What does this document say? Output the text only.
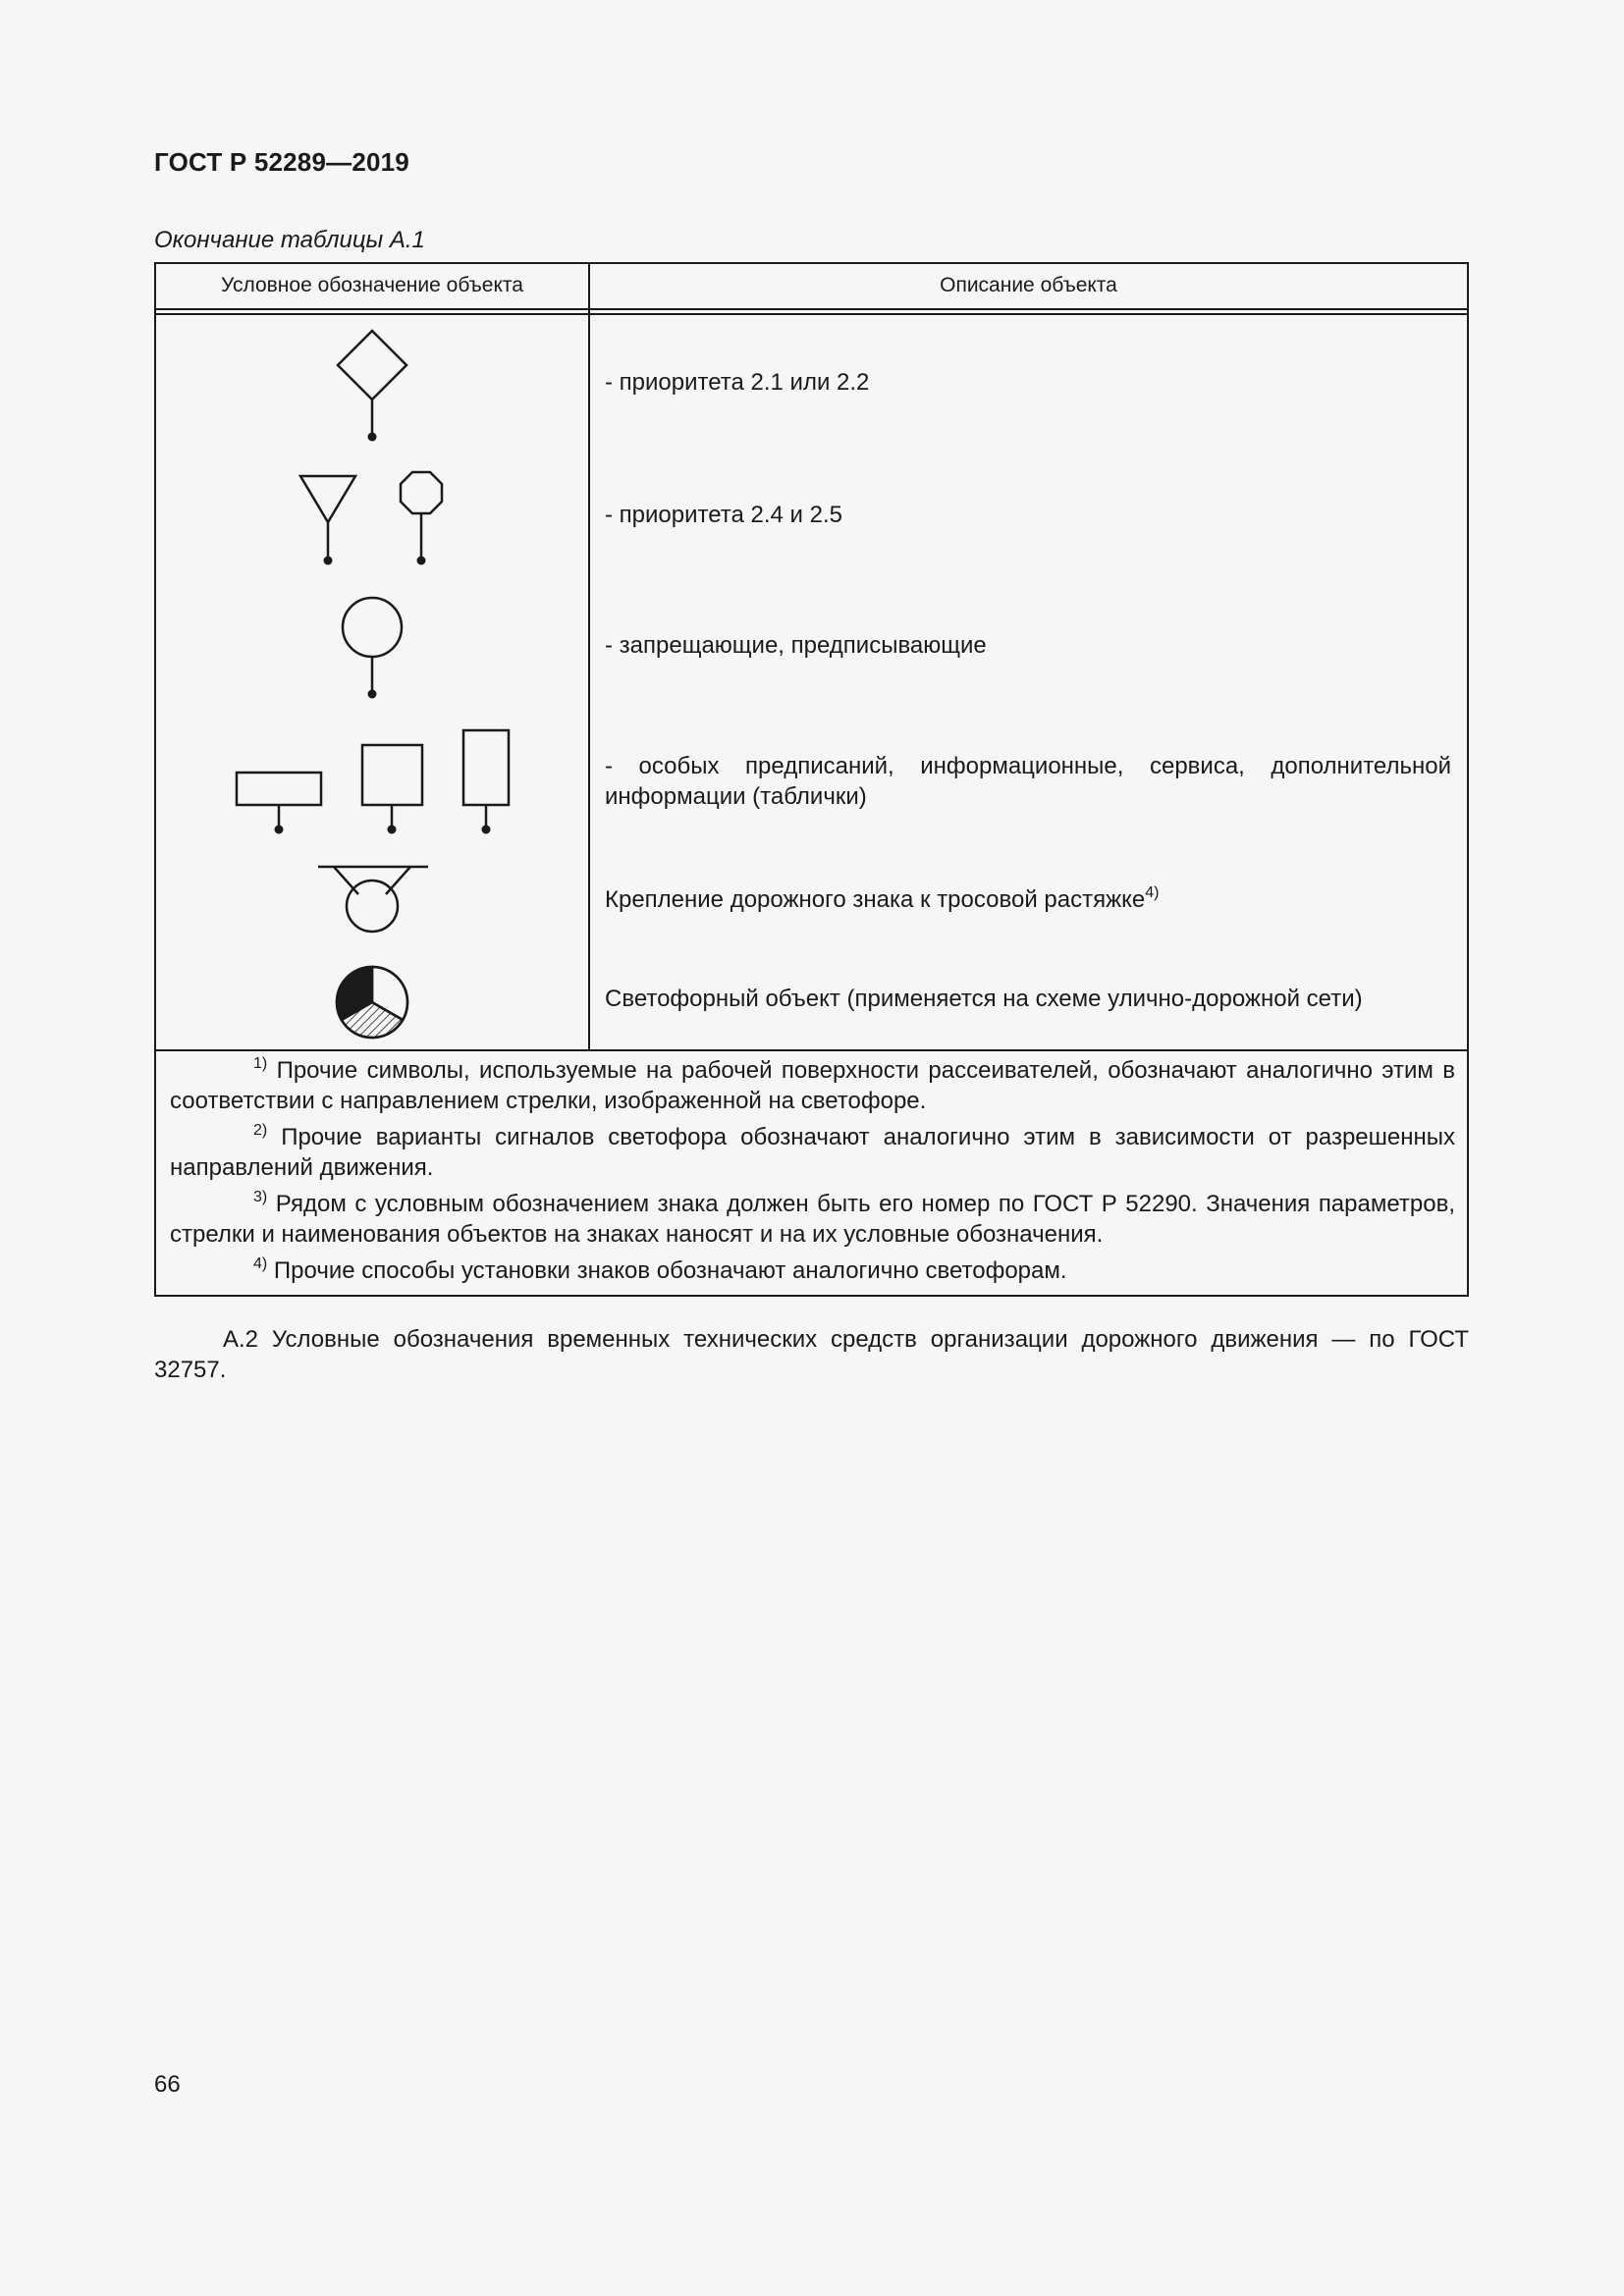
ГОСТ Р 52289—2019
Окончание таблицы А.1
Условное обозначение объекта	Описание объекта
- приоритета 2.1 или 2.2
- приоритета 2.4 и 2.5
- запрещающие, предписывающие
- особых предписаний, информационные, сервиса, дополнительной информации (таблички)
Крепление дорожного знака к тросовой растяжке$^{4)}$
Светофорный объект (применяется на схеме улично-дорожной сети)

$^{1)}$ Прочие символы, используемые на рабочей поверхности рассеивателей, обозначают аналогично этим в соответствии с направлением стрелки, изображенной на светофоре.

$^{2)}$ Прочие варианты сигналов светофора обозначают аналогично этим в зависимости от разрешенных направлений движения.

$^{3)}$ Рядом с условным обозначением знака должен быть его номер по ГОСТ Р 52290. Значения параметров, стрелки и наименования объектов на знаках наносят и на их условные обозначения.

$^{4)}$ Прочие способы установки знаков обозначают аналогично светофорам.

А.2 Условные обозначения временных технических средств организации дорожного движения — по ГОСТ 32757.
66
